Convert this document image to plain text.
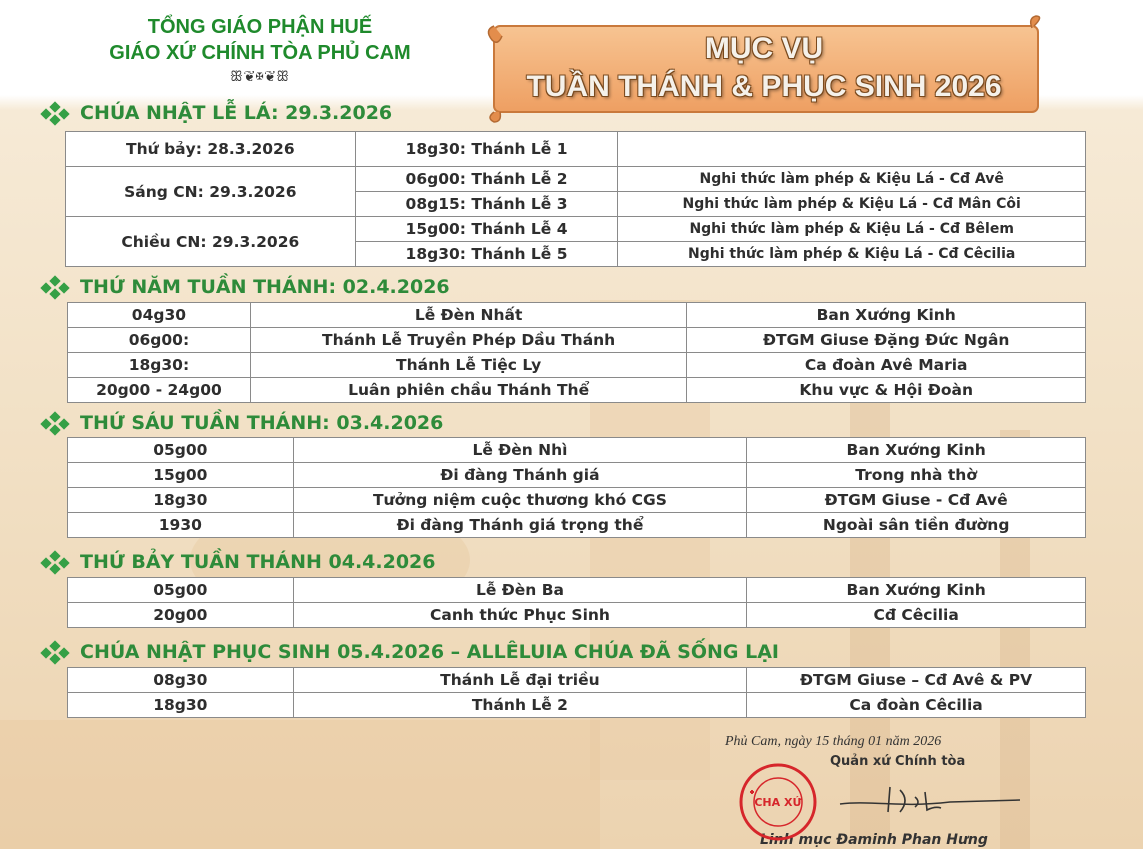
TỔNG GIÁO PHẬN HUẾ
GIÁO XỨ CHÍNH TÒA PHỦ CAM
ꕥ❦✠❦ꕥ
MỤC VỤ
TUẦN THÁNH & PHỤC SINH 2026
CHÚA NHẬT LỄ LÁ: 29.3.2026
Thứ bảy: 28.3.2026	18g30: Thánh Lễ 1	
Sáng CN: 29.3.2026	06g00: Thánh Lễ 2	Nghi thức làm phép & Kiệu Lá - Cđ Avê
	08g15: Thánh Lễ 3	Nghi thức làm phép & Kiệu Lá - Cđ Mân Côi
Chiều CN: 29.3.2026	15g00: Thánh Lễ 4	Nghi thức làm phép & Kiệu Lá - Cđ Bêlem
	18g30: Thánh Lễ 5	Nghi thức làm phép & Kiệu Lá - Cđ Cêcilia
THỨ NĂM TUẦN THÁNH: 02.4.2026
04g30	Lễ Đèn Nhất	Ban Xướng Kinh
06g00:	Thánh Lễ Truyền Phép Dầu Thánh	ĐTGM Giuse Đặng Đức Ngân
18g30:	Thánh Lễ Tiệc Ly	Ca đoàn Avê Maria
20g00 - 24g00	Luân phiên chầu Thánh Thể	Khu vực & Hội Đoàn
THỨ SÁU TUẦN THÁNH: 03.4.2026
05g00	Lễ Đèn Nhì	Ban Xướng Kinh
15g00	Đi đàng Thánh giá	Trong nhà thờ
18g30	Tưởng niệm cuộc thương khó CGS	ĐTGM Giuse - Cđ Avê
1930	Đi đàng Thánh giá trọng thể	Ngoài sân tiền đường
THỨ BẢY TUẦN THÁNH 04.4.2026
05g00	Lễ Đèn Ba	Ban Xướng Kinh
20g00	Canh thức Phục Sinh	Cđ Cêcilia
CHÚA NHẬT PHỤC SINH 05.4.2026 – ALLÊLUIA CHÚA ĐÃ SỐNG LẠI
08g30	Thánh Lễ đại triều	ĐTGM Giuse – Cđ Avê & PV
18g30	Thánh Lễ 2	Ca đoàn Cêcilia
Phủ Cam, ngày 15 tháng 01 năm 2026
Quản xứ Chính tòa
Linh mục Đaminh Phan Hưng
CHA XỨ
